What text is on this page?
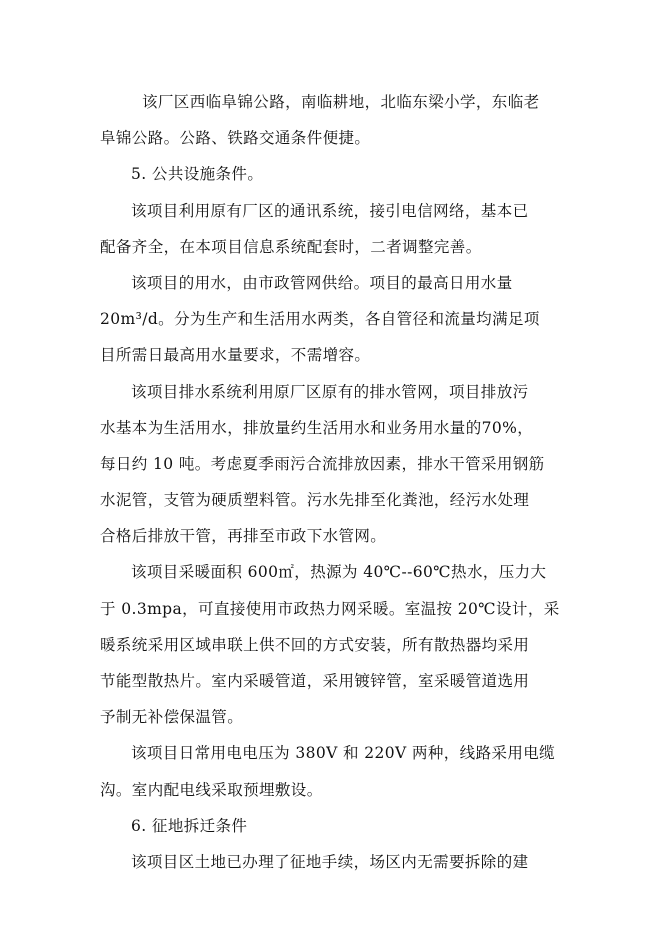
该厂区西临阜锦公路，南临耕地，北临东梁小学，东临老
阜锦公路。公路、铁路交通条件便捷。
5. 公共设施条件。
该项目利用原有厂区的通讯系统，接引电信网络，基本已
配备齐全，在本项目信息系统配套时，二者调整完善。
该项目的用水，由市政管网供给。项目的最高日用水量
20m³/d。分为生产和生活用水两类，各自管径和流量均满足项
目所需日最高用水量要求，不需增容。
该项目排水系统利用原厂区原有的排水管网，项目排放污
水基本为生活用水，排放量约生活用水和业务用水量的70%，
每日约 10 吨。考虑夏季雨污合流排放因素，排水干管采用钢筋
水泥管，支管为硬质塑料管。污水先排至化粪池，经污水处理
合格后排放干管，再排至市政下水管网。
该项目采暖面积 600㎡，热源为 40℃--60℃热水，压力大
于 0.3mpa，可直接使用市政热力网采暖。室温按 20℃设计，采
暖系统采用区域串联上供不回的方式安装，所有散热器均采用
节能型散热片。室内采暖管道，采用镀锌管，室采暖管道选用
予制无补偿保温管。
该项目日常用电电压为 380V 和 220V 两种，线路采用电缆
沟。室内配电线采取预埋敷设。
6. 征地拆迁条件
该项目区土地已办理了征地手续，场区内无需要拆除的建
